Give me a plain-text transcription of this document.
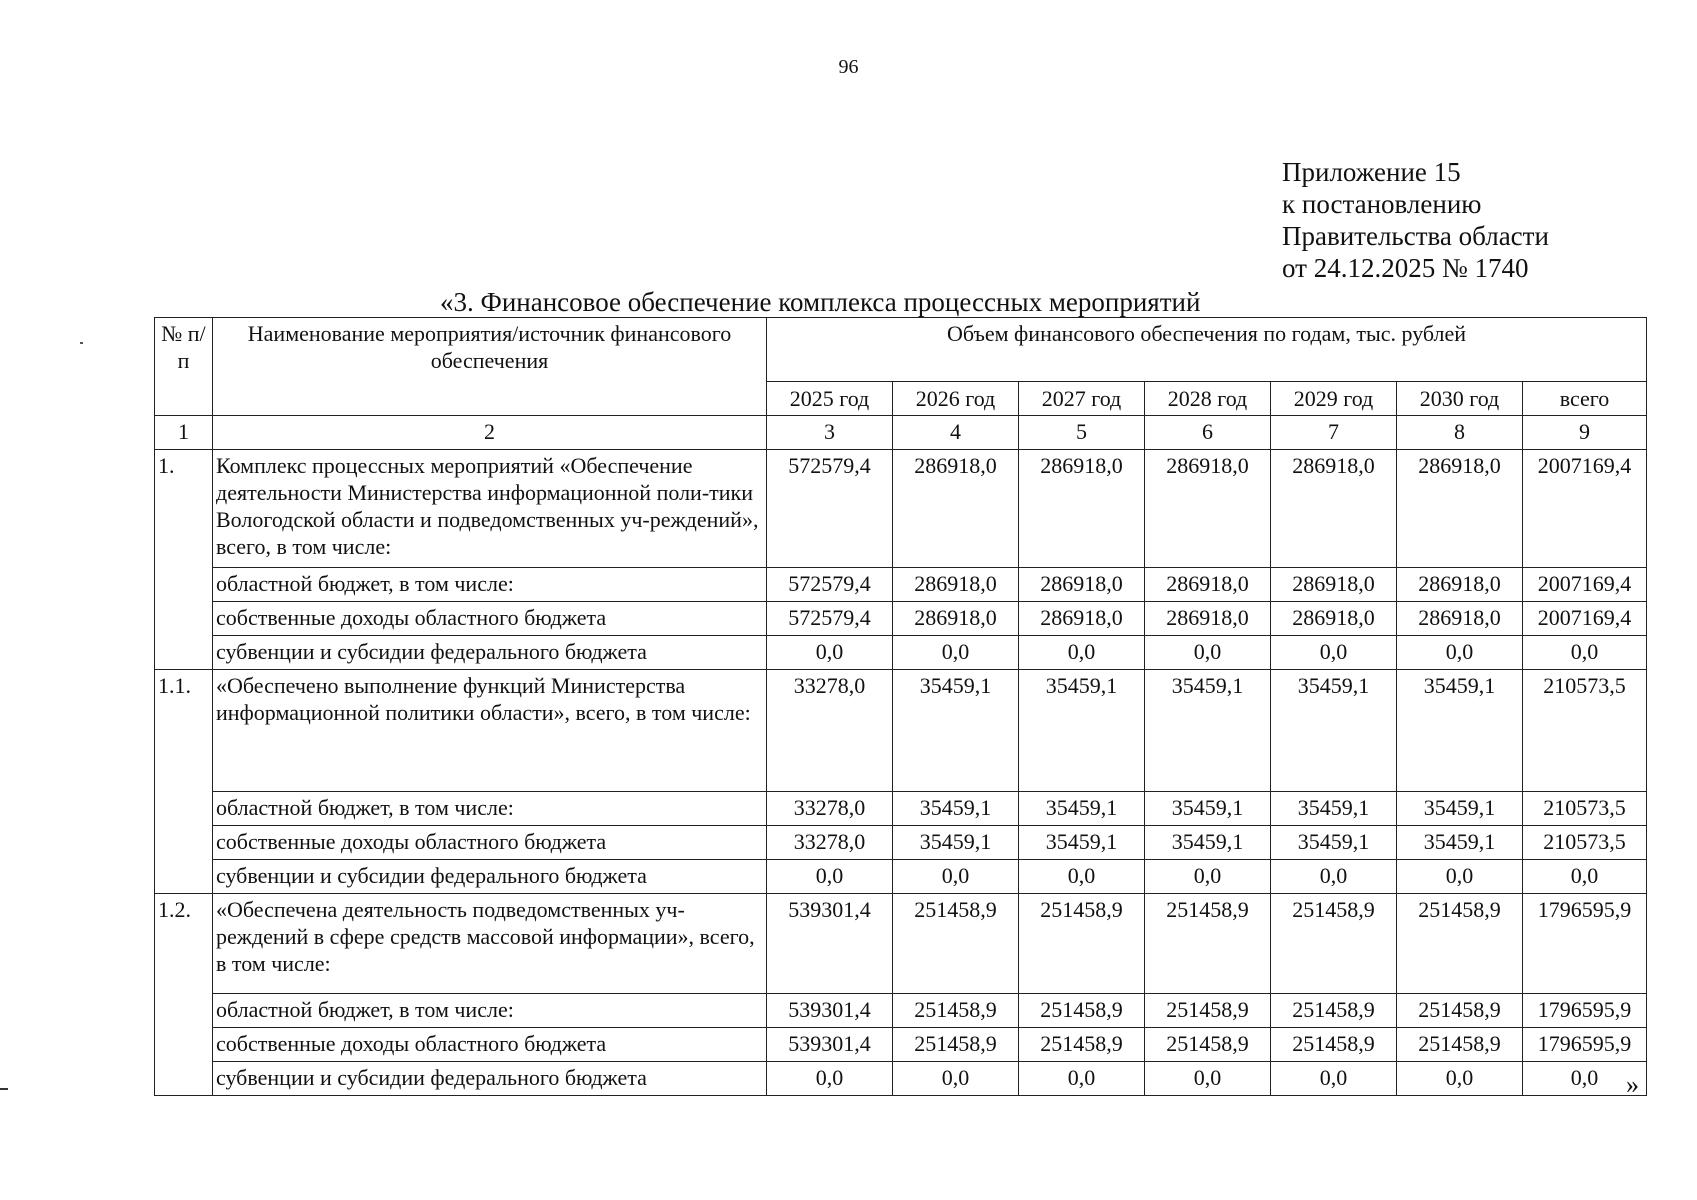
96
Приложение 15
к постановлению
Правительства области
от 24.12.2025 № 1740
«3. Финансовое обеспечение комплекса процессных мероприятий
№ п/п	Наименование мероприятия/источник финансового обеспечения	Объем финансового обеспечения по годам, тыс. рублей						
		2025 год	2026 год	2027 год	2028 год	2029 год	2030 год	всего
1	2	3	4	5	6	7	8	9
1.	Комплекс процессных мероприятий «Обеспечение деятельности Министерства информационной поли-тики Вологодской области и подведомственных уч-реждений», всего, в том числе:	572579,4	286918,0	286918,0	286918,0	286918,0	286918,0	2007169,4
	областной бюджет, в том числе:	572579,4	286918,0	286918,0	286918,0	286918,0	286918,0	2007169,4
	собственные доходы областного бюджета	572579,4	286918,0	286918,0	286918,0	286918,0	286918,0	2007169,4
	субвенции и субсидии федерального бюджета	0,0	0,0	0,0	0,0	0,0	0,0	0,0
1.1.	«Обеспечено выполнение функций Министерства информационной политики области», всего, в том числе:	33278,0	35459,1	35459,1	35459,1	35459,1	35459,1	210573,5
	областной бюджет, в том числе:	33278,0	35459,1	35459,1	35459,1	35459,1	35459,1	210573,5
	собственные доходы областного бюджета	33278,0	35459,1	35459,1	35459,1	35459,1	35459,1	210573,5
	субвенции и субсидии федерального бюджета	0,0	0,0	0,0	0,0	0,0	0,0	0,0
1.2.	«Обеспечена деятельность подведомственных уч-реждений в сфере средств массовой информации», всего, в том числе:	539301,4	251458,9	251458,9	251458,9	251458,9	251458,9	1796595,9
	областной бюджет, в том числе:	539301,4	251458,9	251458,9	251458,9	251458,9	251458,9	1796595,9
	собственные доходы областного бюджета	539301,4	251458,9	251458,9	251458,9	251458,9	251458,9	1796595,9
	субвенции и субсидии федерального бюджета	0,0	0,0	0,0	0,0	0,0	0,0	0,0 »
